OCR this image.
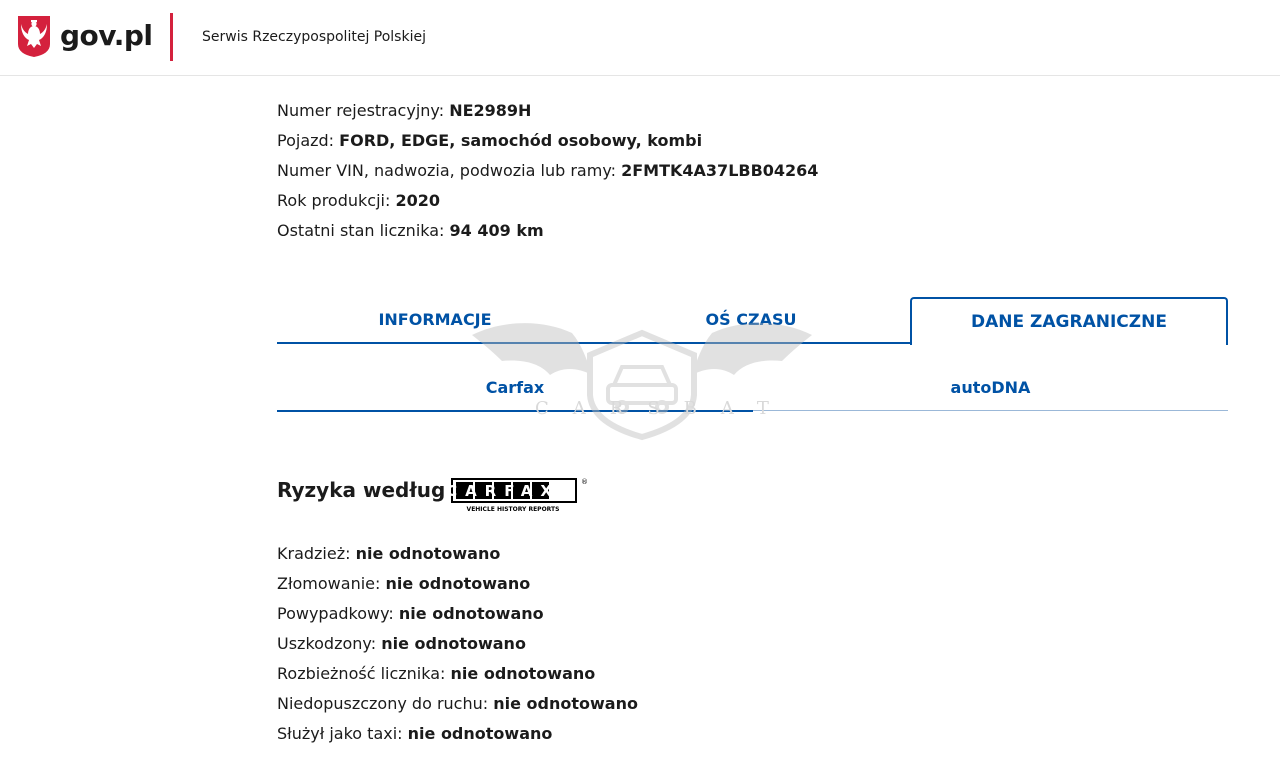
gov.pl	Serwis Rzeczypospolitej Polskiej
Numer rejestracyjny: NE2989H
Pojazd: FORD, EDGE, samochód osobowy, kombi
Numer VIN, nadwozia, podwozia lub ramy: 2FMTK4A37LBB04264
Rok produkcji: 2020
Ostatni stan licznika: 94 409 km
INFORMACJE	OŚ CZASU	DANE ZAGRANICZNE
Carfax	autoDNA
CARSBAT
Ryzyka według CARFAX
VEHICLE HISTORY REPORTS
®
Kradzież: nie odnotowano
Złomowanie: nie odnotowano
Powypadkowy: nie odnotowano
Uszkodzony: nie odnotowano
Rozbieżność licznika: nie odnotowano
Niedopuszczony do ruchu: nie odnotowano
Służył jako taxi: nie odnotowano
